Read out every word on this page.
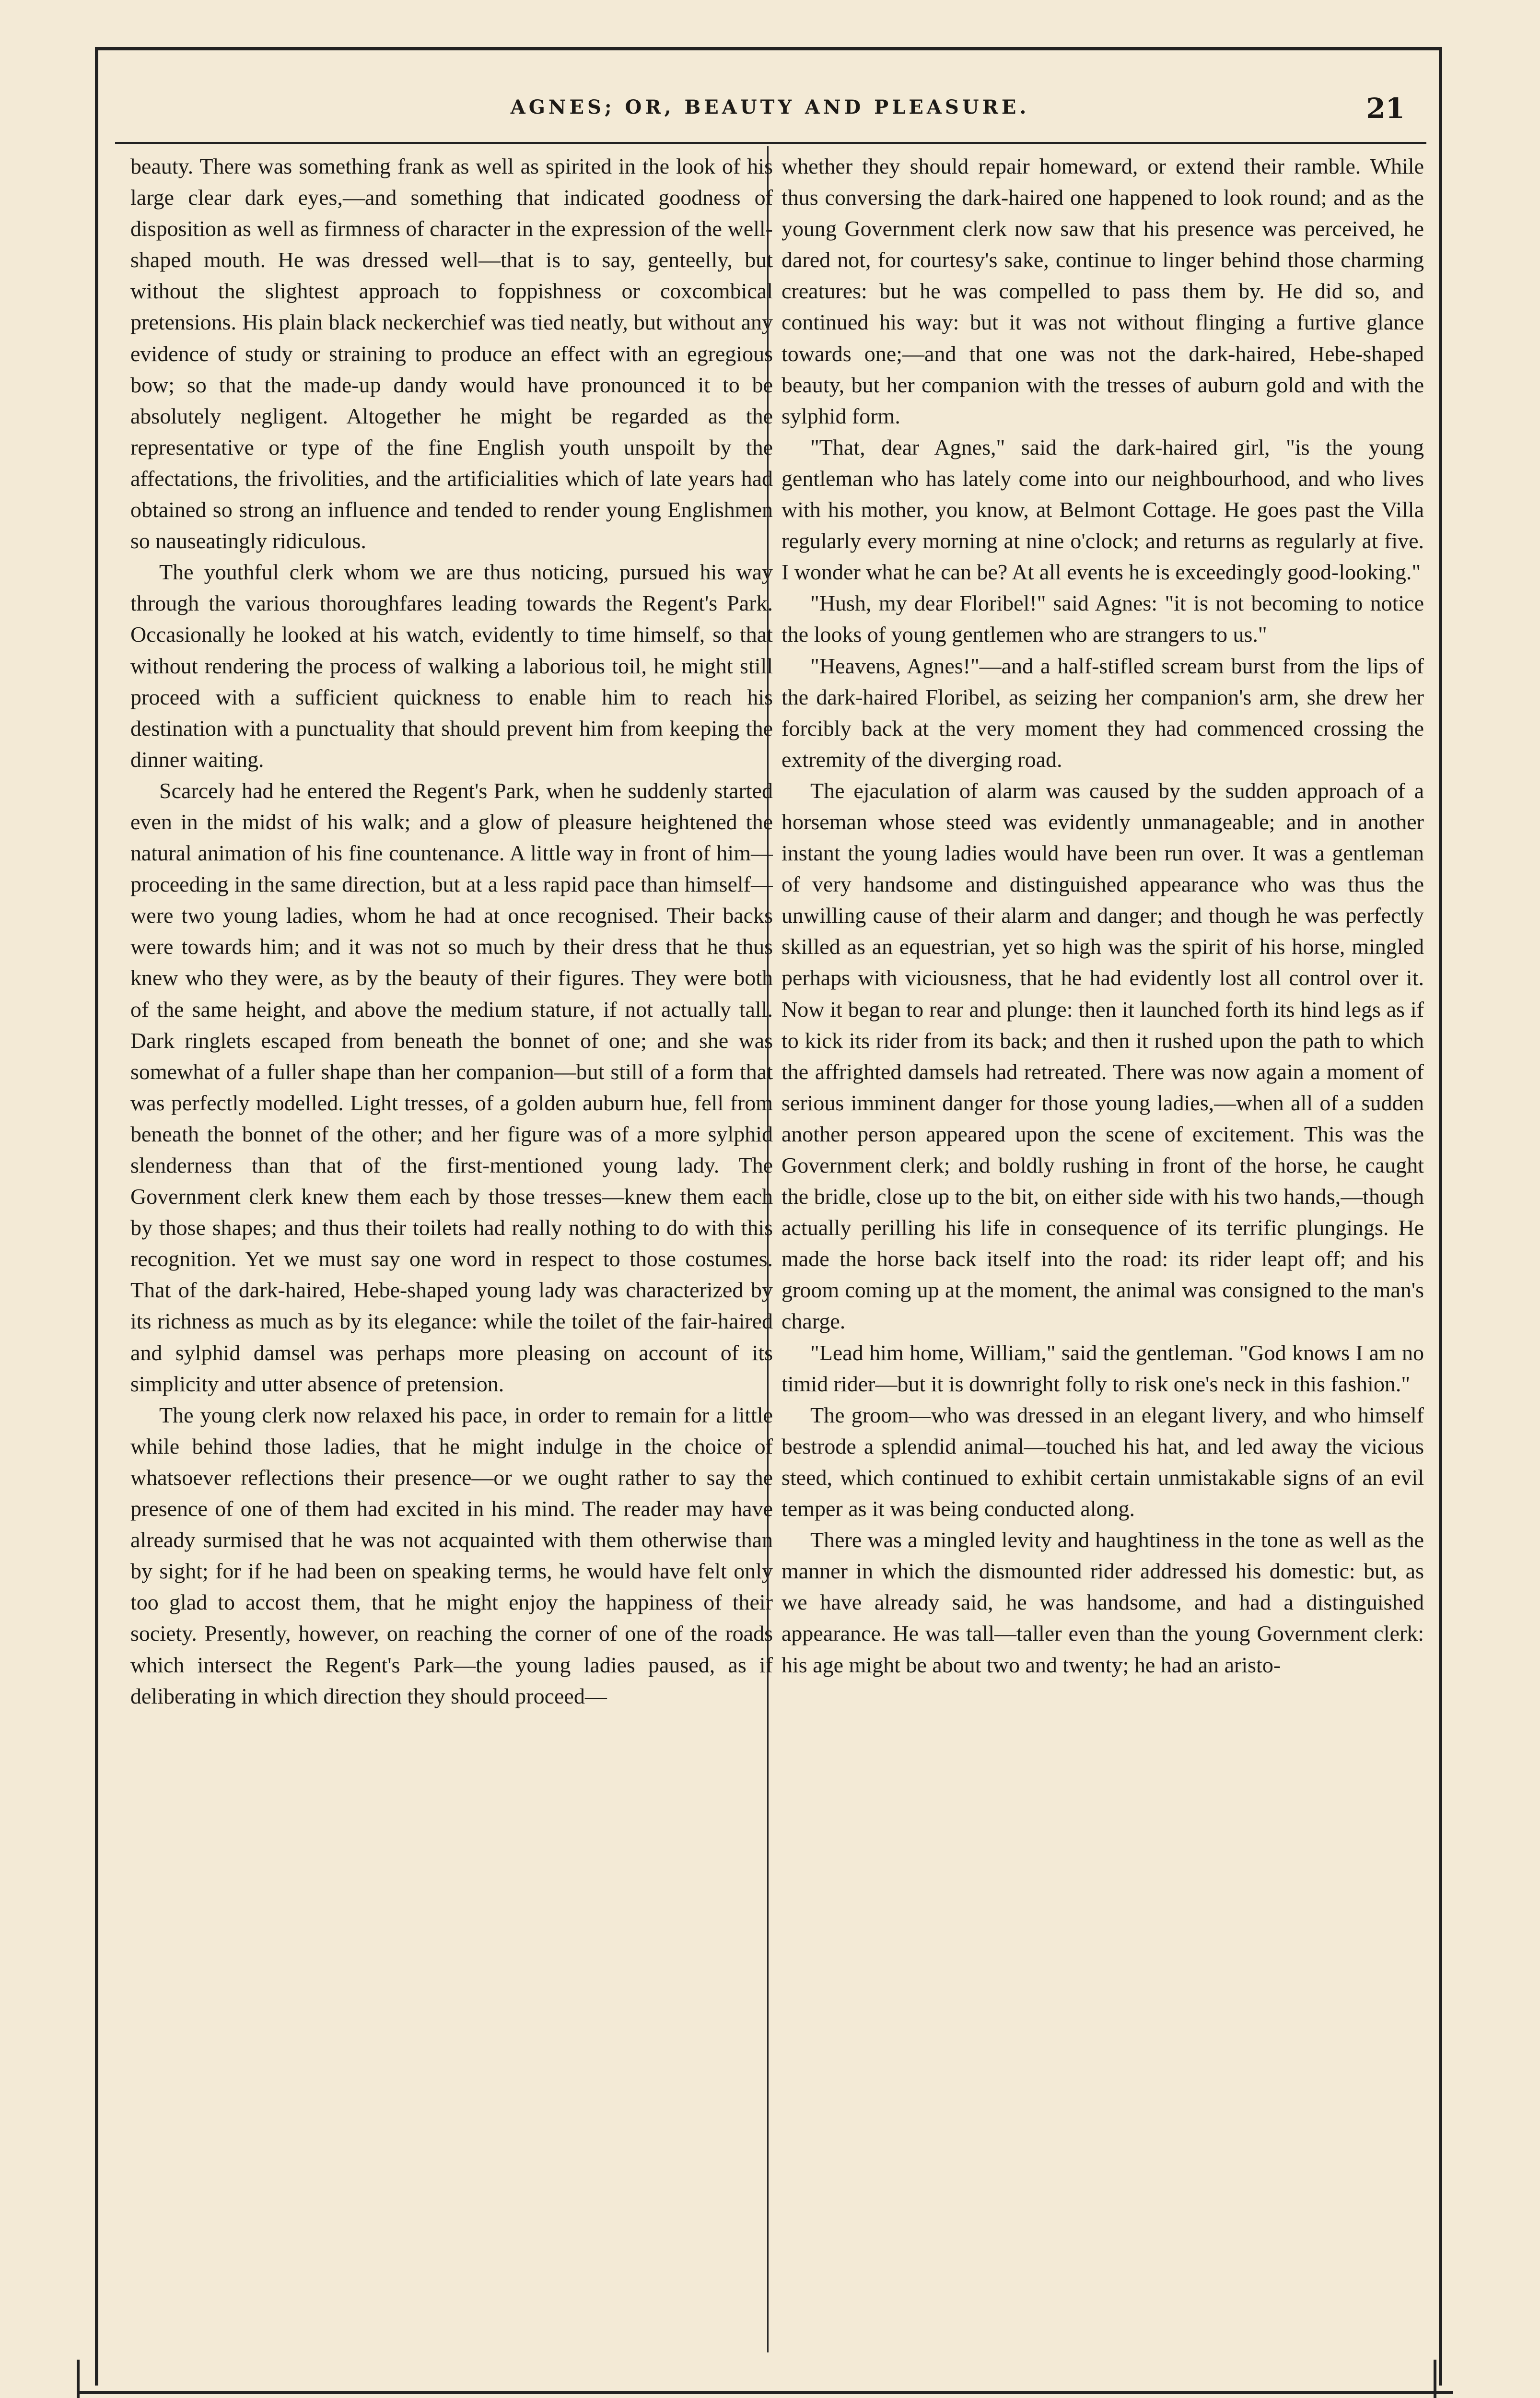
AGNES; OR, BEAUTY AND PLEASURE.	21

beauty. There was something frank as well as spirited in the look of his large clear dark eyes,—and something that indicated goodness of disposition as well as firmness of character in the expression of the well-shaped mouth. He was dressed well—that is to say, genteelly, but without the slightest approach to foppishness or coxcombical pretensions. His plain black neckerchief was tied neatly, but without any evidence of study or straining to produce an effect with an egregious bow; so that the made-up dandy would have pronounced it to be absolutely negligent. Altogether he might be regarded as the representative or type of the fine English youth unspoilt by the affectations, the frivolities, and the artificialities which of late years had obtained so strong an influence and tended to render young Englishmen so nauseatingly ridiculous.

The youthful clerk whom we are thus noticing, pursued his way through the various thoroughfares leading towards the Regent's Park. Occasionally he looked at his watch, evidently to time himself, so that without rendering the process of walking a laborious toil, he might still proceed with a sufficient quickness to enable him to reach his destination with a punctuality that should prevent him from keeping the dinner waiting.

Scarcely had he entered the Regent's Park, when he suddenly started even in the midst of his walk; and a glow of pleasure heightened the natural animation of his fine countenance. A little way in front of him—proceeding in the same direction, but at a less rapid pace than himself—were two young ladies, whom he had at once recognised. Their backs were towards him; and it was not so much by their dress that he thus knew who they were, as by the beauty of their figures. They were both of the same height, and above the medium stature, if not actually tall. Dark ringlets escaped from beneath the bonnet of one; and she was somewhat of a fuller shape than her companion—but still of a form that was perfectly modelled. Light tresses, of a golden auburn hue, fell from beneath the bonnet of the other; and her figure was of a more sylphid slenderness than that of the first-mentioned young lady. The Government clerk knew them each by those tresses—knew them each by those shapes; and thus their toilets had really nothing to do with this recognition. Yet we must say one word in respect to those costumes. That of the dark-haired, Hebe-shaped young lady was characterized by its richness as much as by its elegance: while the toilet of the fair-haired and sylphid damsel was perhaps more pleasing on account of its simplicity and utter absence of pretension.

The young clerk now relaxed his pace, in order to remain for a little while behind those ladies, that he might indulge in the choice of whatsoever reflections their presence—or we ought rather to say the presence of one of them had excited in his mind. The reader may have already surmised that he was not acquainted with them otherwise than by sight; for if he had been on speaking terms, he would have felt only too glad to accost them, that he might enjoy the happiness of their society. Presently, however, on reaching the corner of one of the roads which intersect the Regent's Park—the young ladies paused, as if deliberating in which direction they should proceed—

whether they should repair homeward, or extend their ramble. While thus conversing the dark-haired one happened to look round; and as the young Government clerk now saw that his presence was perceived, he dared not, for courtesy's sake, continue to linger behind those charming creatures: but he was compelled to pass them by. He did so, and continued his way: but it was not without flinging a furtive glance towards one;—and that one was not the dark-haired, Hebe-shaped beauty, but her companion with the tresses of auburn gold and with the sylphid form.

"That, dear Agnes," said the dark-haired girl, "is the young gentleman who has lately come into our neighbourhood, and who lives with his mother, you know, at Belmont Cottage. He goes past the Villa regularly every morning at nine o'clock; and returns as regularly at five. I wonder what he can be? At all events he is exceedingly good-looking."

"Hush, my dear Floribel!" said Agnes: "it is not becoming to notice the looks of young gentlemen who are strangers to us."

"Heavens, Agnes!"—and a half-stifled scream burst from the lips of the dark-haired Floribel, as seizing her companion's arm, she drew her forcibly back at the very moment they had commenced crossing the extremity of the diverging road.

The ejaculation of alarm was caused by the sudden approach of a horseman whose steed was evidently unmanageable; and in another instant the young ladies would have been run over. It was a gentleman of very handsome and distinguished appearance who was thus the unwilling cause of their alarm and danger; and though he was perfectly skilled as an equestrian, yet so high was the spirit of his horse, mingled perhaps with viciousness, that he had evidently lost all control over it. Now it began to rear and plunge: then it launched forth its hind legs as if to kick its rider from its back; and then it rushed upon the path to which the affrighted damsels had retreated. There was now again a moment of serious imminent danger for those young ladies,—when all of a sudden another person appeared upon the scene of excitement. This was the Government clerk; and boldly rushing in front of the horse, he caught the bridle, close up to the bit, on either side with his two hands,—though actually perilling his life in consequence of its terrific plungings. He made the horse back itself into the road: its rider leapt off; and his groom coming up at the moment, the animal was consigned to the man's charge.

"Lead him home, William," said the gentleman. "God knows I am no timid rider—but it is downright folly to risk one's neck in this fashion."

The groom—who was dressed in an elegant livery, and who himself bestrode a splendid animal—touched his hat, and led away the vicious steed, which continued to exhibit certain unmistakable signs of an evil temper as it was being conducted along.

There was a mingled levity and haughtiness in the tone as well as the manner in which the dismounted rider addressed his domestic: but, as we have already said, he was handsome, and had a distinguished appearance. He was tall—taller even than the young Government clerk: his age might be about two and twenty; he had an aristo-
